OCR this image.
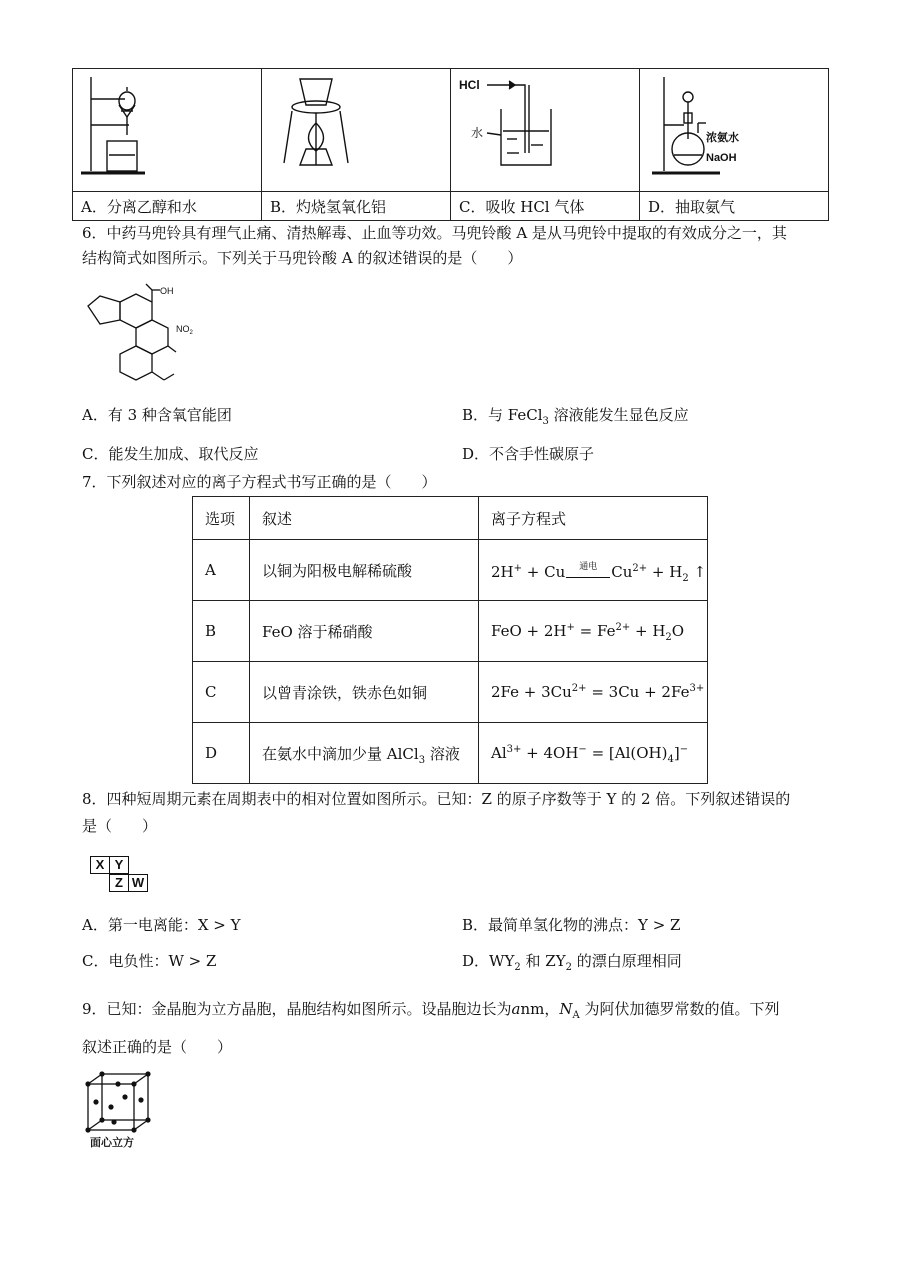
HCl
水	浓氨水
NaOH

A．分离乙醇和水	B．灼烧氢氧化铝	C．吸收 HCl 气体	D．抽取氨气
6．中药马兜铃具有理气止痛、清热解毒、止血等功效。马兜铃酸 A 是从马兜铃中提取的有效成分之一，其
结构简式如图所示。下列关于马兜铃酸 A 的叙述错误的是（　　）
OH
$NO_2$
A．有 3 种含氧官能团	B．与 FeCl$_3$ 溶液能发生显色反应
C．能发生加成、取代反应	D．不含手性碳原子
7．下列叙述对应的离子方程式书写正确的是（　　）
选项	叙述	离子方程式
A	以铜为阳极电解稀硫酸	2H+ + Cu $^{通电}$ $Cu^{2+} + H_2$ ↑
B	FeO 溶于稀硝酸	FeO + $2H^+ = Fe^{2+} + H_2O$
C	以曾青涂铁，铁赤色如铜	$2Fe + 3Cu^{2+} = 3Cu + 2Fe^{3+}$
D	在氨水中滴加少量 AlCl$_3$ 溶液	$Al^{3+} + 4OH^- = [Al(OH)_4]^-$
8．四种短周期元素在周期表中的相对位置如图所示。已知：Z 的原子序数等于 Y 的 2 倍。下列叙述错误的
是（　　）
X Y
Z W
A．第一电离能：X > Y	B．最简单氢化物的沸点：Y > Z
C．电负性：W > Z	D．$WY_2$ 和 $ZY_2$ 的漂白原理相同
9．已知：金晶胞为立方晶胞，晶胞结构如图所示。设晶胞边长为anm，$N_A$ 为阿伏加德罗常数的值。下列
叙述正确的是（　　）
面心立方
